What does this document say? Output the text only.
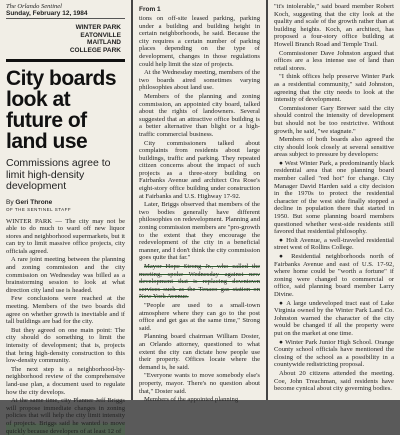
The Orlando Sentinel
Sunday, February 12, 1984
WINTER PARK
EATONVILLE
MAITLAND
COLLEGE PARK
City boards look at future of land use
Commissions agree to limit high-density development
By Geri Throne
OF THE SENTINEL STAFF

WINTER PARK — The city may not be able to do much to ward off new liquor stores and neighborhood supermarkets, but it can try to limit massive office projects, city officials agreed.

A rare joint meeting between the planning and zoning commission and the city commission on Wednesday was billed as a brainstorming session to look at what direction city land use is headed.

Few conclusions were reached at the meeting. Members of the two boards did agree on whether growth is inevitable and if tall buildings are bad for the city.

But they agreed on one main point: The city should do something to limit the intensity of development; that is, projects that bring high-density construction to this low-density community.

The next step is a neighborhood-by-neighborhood review of the comprehensive land-use plan, a document used to regulate how the city develops.

At the same time, city Planner Jeff Briggs will propose immediate changes in zoning policies that will help the city limit intensity of projects. Briggs said he wanted to move quickly because developers of at least 12 of

From 1

tions on off-site leased parking, parking under a building and building height in certain neighborhoods, he said. Because the city requires a certain number of parking places depending on the type of development, changes in those regulations could help limit the size of projects.

At the Wednesday meeting, members of the two boards aired sometimes varying philosophies about land use.

Members of the planning and zoning commission, an appointed city board, talked about the rights of landowners. Several suggested that an attractive office building is a better alternative than blight or a high-traffic commercial business.

City commissioners talked about complaints from residents about large buildings, traffic and parking. They repeated citizen concerns about the impact of such projects as a three-story building on Fairbanks Avenue and architect Ora Rose's eight-story office building under construction at Fairbanks and U.S. Highway 17-92.

Later, Briggs observed that members of the two bodies generally have different philosophies on redevelopment. Planning and zoning commission members are "pro-growth to the extent that they encourage the redevelopment of the city in a beneficial manner, and I don't think the city commission goes quite that far."

Mayor Hope Strong Jr., who called the meeting, spoke Wednesday against new development that is replacing downtown services such as the Texaco gas station on New York Avenue.

"People are used to a small-town atmosphere where they can go to the post office and get gas at the same time," Strong said.

Planning board chairman William Doster, an Orlando attorney, questioned to what extent the city can dictate how people use their property. Offices locate where the demand is, he said.

"Everyone wants to move somebody else's property, mayor. There's no question about that," Doster said.

Members of the appointed planning

"it's intolerable," said board member Robert Koch, suggesting that the city look at the quality and scale of the growth rather than at building heights. Koch, an architect, has proposed a four-story office building at Howell Branch Road and Temple Trail.

Commissioner Dave Johnston argued that offices are a less intense use of land than retail stores.

"I think offices help preserve Winter Park as a residential community," said Johnston, agreeing that the city needs to look at the intensity of development.

Commissioner Gary Brewer said the city should control the intensity of development but should not be too restrictive. Without growth, he said, "we stagnate."

Members of both boards also agreed the city should look closely at several sensitive areas subject to pressure by developers:

● West Winter Park, a predominantly black residential area that one planning board member called "red hot" for change. City Manager David Harden said a city decision in the 1970s to protect the residential character of the west side finally stopped a decline in population there that started in 1950. But some planning board members questioned whether west-side residents still favored that residential philosophy.

● Holt Avenue, a well-traveled residential street west of Rollins College.

● Residential neighborhoods north of Fairbanks Avenue and east of U.S. 17-92, where home could be "worth a fortune" if zoning were changed to commercial or office, said planning board member Larry Divine.

● A large undeveloped tract east of Lake Virginia owned by the Winter Park Land Co. Johnston warned the character of the city would be changed if all the property were put on the market at one time.

● Winter Park Junior High School. Orange County school officials have mentioned the closing of the school as a possibility in a countywide redistricting proposal.

About 20 citizens attended the meeting. Coe, John Treachman, said residents have become cynical about city governing bodies.
